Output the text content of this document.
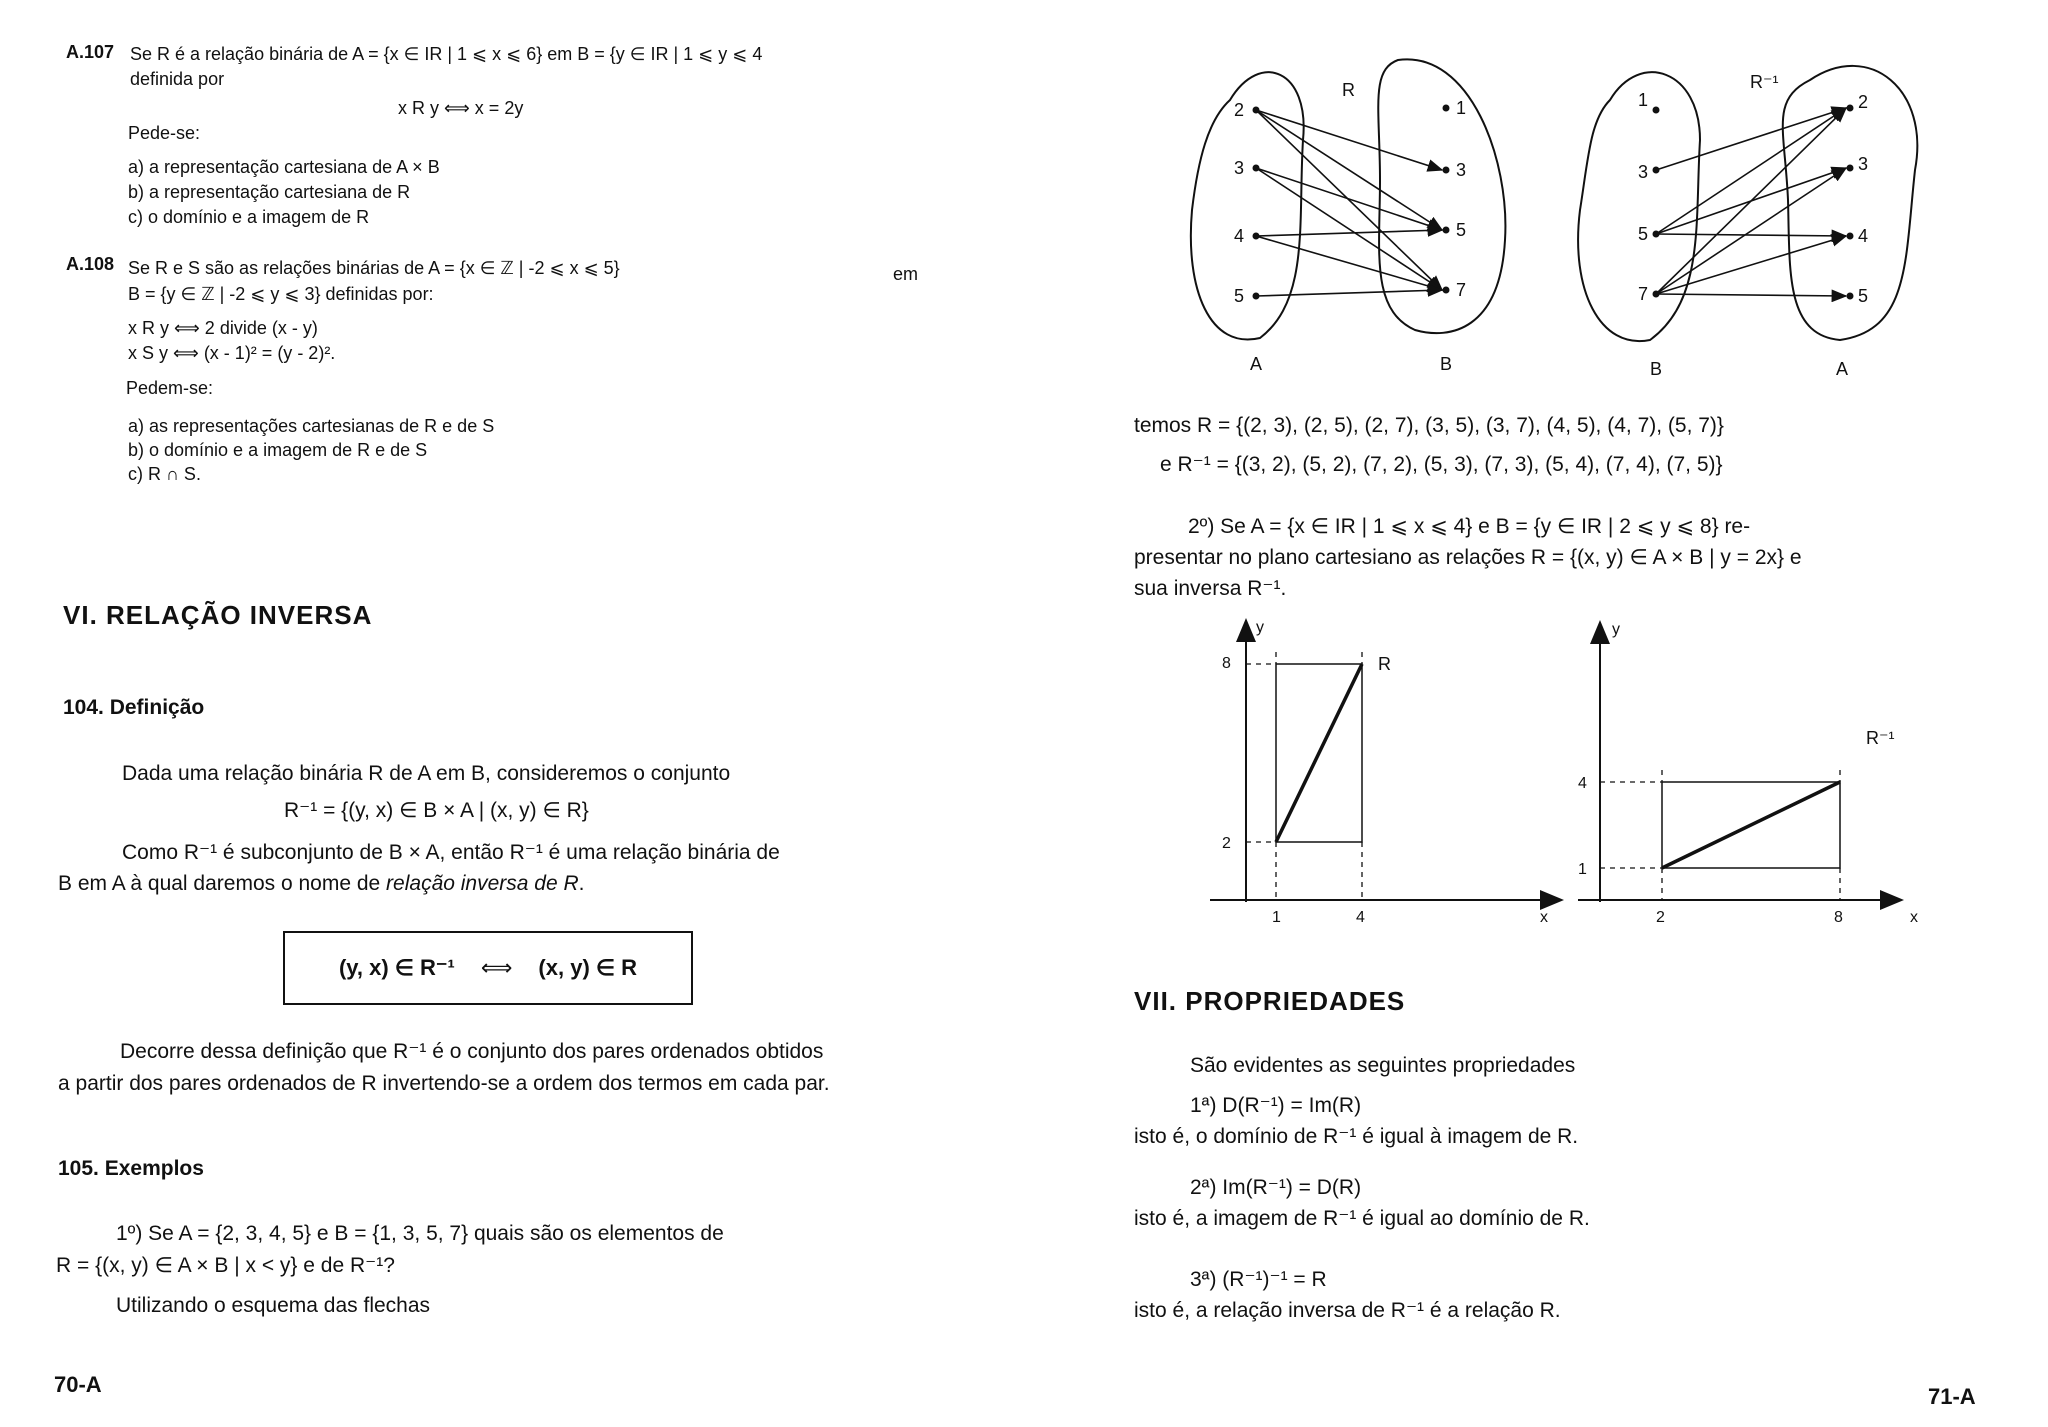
A.107 Se R é a relação binária de A = {x ∈ IR | 1 ⩽ x ⩽ 6} em B = {y ∈ IR | 1 ⩽ y ⩽ 4
definida por
x R y ⟺ x = 2y
Pede-se:
a) a representação cartesiana de A × B
b) a representação cartesiana de R
c) o domínio e a imagem de R
A.108 Se R e S são as relações binárias de A = {x ∈ ℤ | -2 ⩽ x ⩽ 5}	em
B = {y ∈ ℤ | -2 ⩽ y ⩽ 3} definidas por:
x R y ⟺ 2 divide (x - y)
x S y ⟺ (x - 1)² = (y - 2)².
Pedem-se:
a) as representações cartesianas de R e de S
b) o domínio e a imagem de R e de S
c) R ∩ S.
VI. RELAÇÃO INVERSA
104. Definição
Dada uma relação binária R de A em B, consideremos o conjunto
R⁻¹ = {(y, x) ∈ B × A | (x, y) ∈ R}
Como R⁻¹ é subconjunto de B × A, então R⁻¹ é uma relação binária de
B em A à qual daremos o nome de relação inversa de R.
(y, x) ∈ R⁻¹ ⟺ (x, y) ∈ R
Decorre dessa definição que R⁻¹ é o conjunto dos pares ordenados obtidos
a partir dos pares ordenados de R invertendo-se a ordem dos termos em cada par.
105. Exemplos
1º) Se A = {2, 3, 4, 5} e B = {1, 3, 5, 7} quais são os elementos de
R = {(x, y) ∈ A × B | x < y} e de R⁻¹?
Utilizando o esquema das flechas
70-A
2
3
4
5
1
3
5
7
R
A	B
1
3
5
7
2
3
4
5
R⁻¹
B	A
temos R = {(2, 3), (2, 5), (2, 7), (3, 5), (3, 7), (4, 5), (4, 7), (5, 7)}
e R⁻¹ = {(3, 2), (5, 2), (7, 2), (5, 3), (7, 3), (5, 4), (7, 4), (7, 5)}
2º) Se A = {x ∈ IR | 1 ⩽ x ⩽ 4} e B = {y ∈ IR | 2 ⩽ y ⩽ 8} re-
presentar no plano cartesiano as relações R = {(x, y) ∈ A × B | y = 2x} e
sua inversa R⁻¹.
y
x
1	4
2
8	R
y
x
2	8
1
4
R⁻¹
VII. PROPRIEDADES
São evidentes as seguintes propriedades
1ª) D(R⁻¹) = Im(R)
isto é, o domínio de R⁻¹ é igual à imagem de R.
2ª) Im(R⁻¹) = D(R)
isto é, a imagem de R⁻¹ é igual ao domínio de R.
3ª) (R⁻¹)⁻¹ = R
isto é, a relação inversa de R⁻¹ é a relação R.
71-A
